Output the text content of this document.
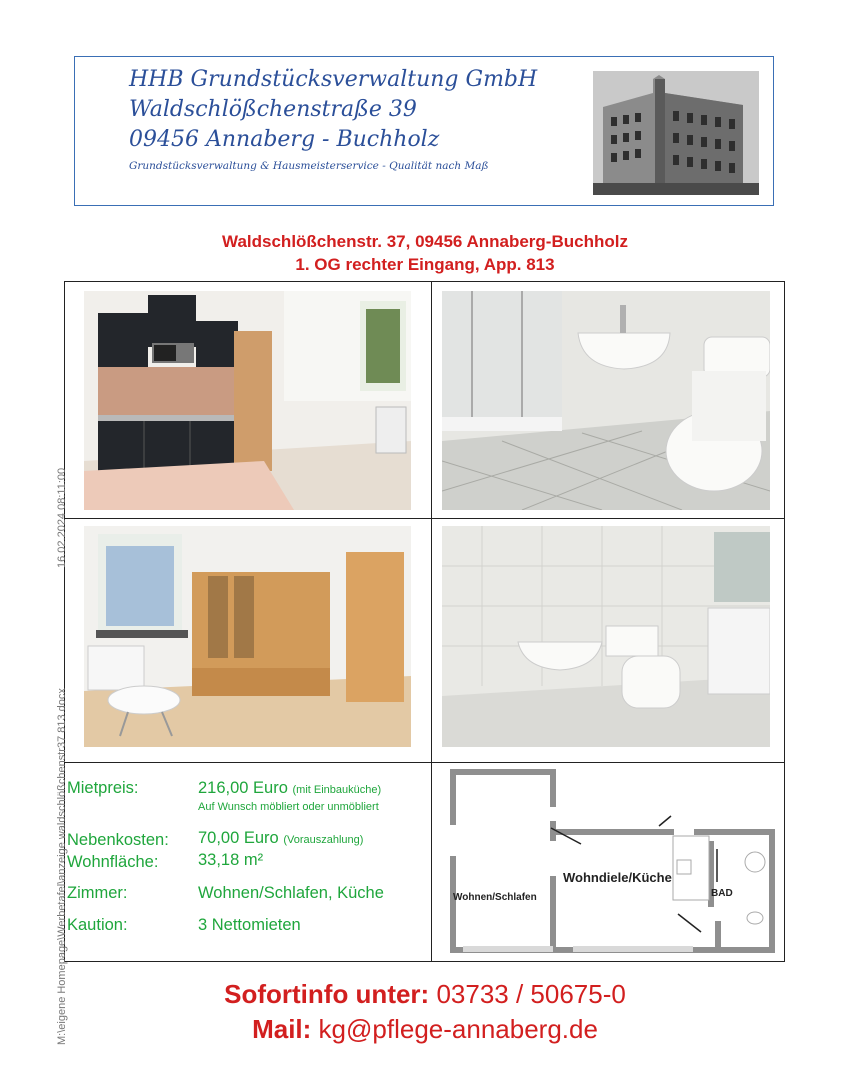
HHB Grundstücksverwaltung GmbH
Waldschlößchenstraße 39
09456 Annaberg - Buchholz
Grundstücksverwaltung & Hausmeisterservice - Qualität nach Maß
Waldschlößchenstr. 37, 09456 Annaberg-Buchholz
1. OG rechter Eingang, App. 813
Mietpreis:	216,00 Euro (mit Einbauküche)
Auf Wunsch möbliert oder unmöbliert
Nebenkosten: 70,00 Euro (Vorauszahlung)
Wohnfläche: 33,18 m²
Zimmer:	Wohnen/Schlafen, Küche
Kaution:	3 Nettomieten
Wohnen/Schlafen
Wohndiele/Küche
BAD
M:\eigene Homepage\Werbetafel\anzeige waldschlößchenstr37 813.docx
16.02.2024 08:11:00
Sofortinfo unter: 03733 / 50675-0
Mail: kg@pflege-annaberg.de
